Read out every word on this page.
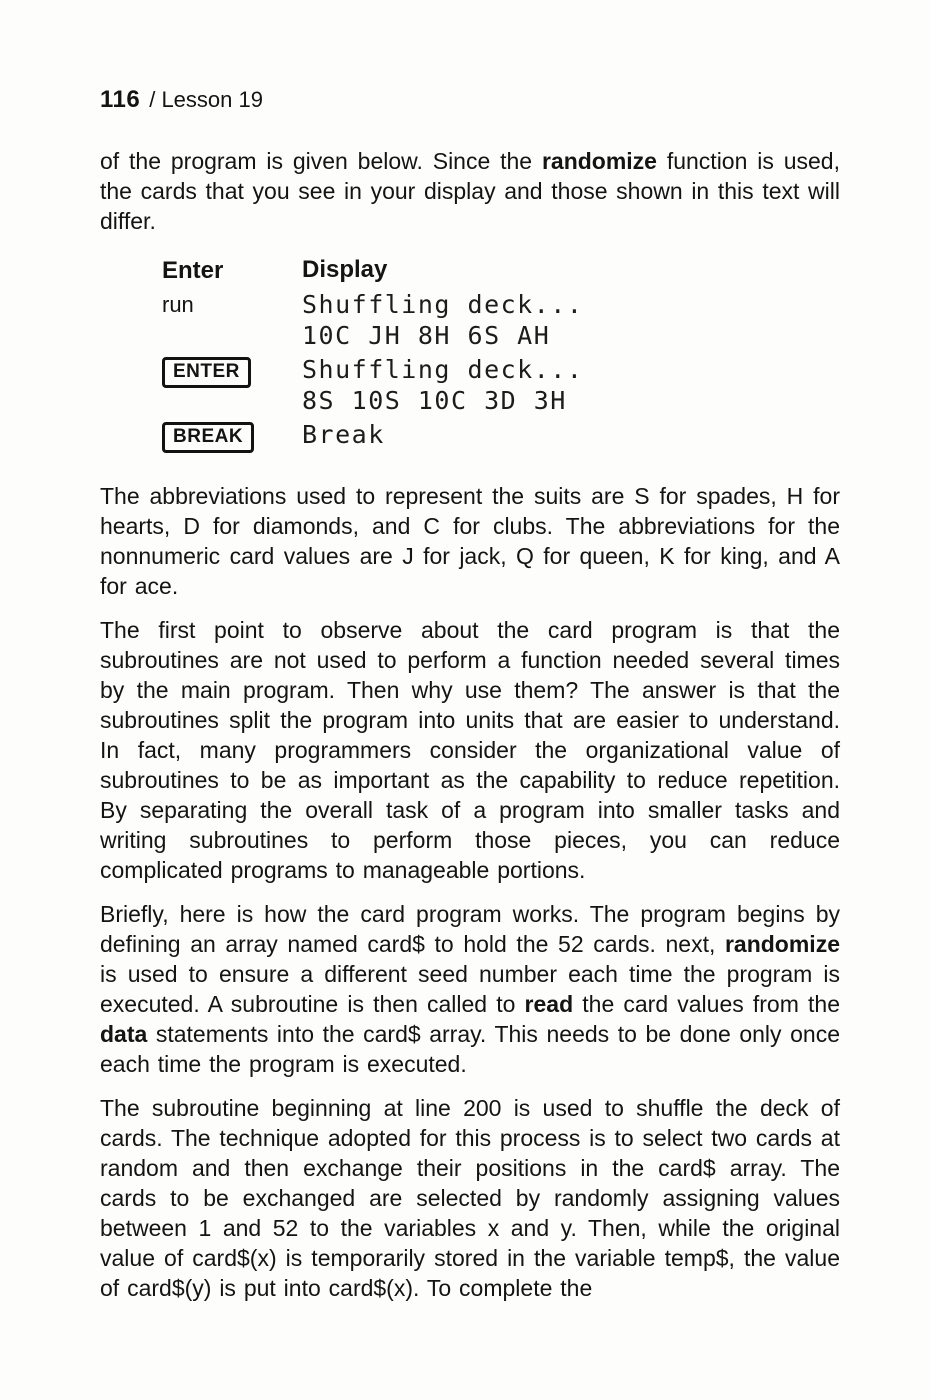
116 / Lesson 19

of the program is given below. Since the randomize function is used, the cards that you see in your display and those shown in this text will differ.

Enter	Display
run	Shuffling deck...
10C JH 8H 6S AH
ENTER	Shuffling deck...
8S 10S 10C 3D 3H
BREAK	Break

The abbreviations used to represent the suits are S for spades, H for hearts, D for diamonds, and C for clubs. The abbreviations for the nonnumeric card values are J for jack, Q for queen, K for king, and A for ace.

The first point to observe about the card program is that the subroutines are not used to perform a function needed several times by the main program. Then why use them? The answer is that the subroutines split the program into units that are easier to understand. In fact, many programmers consider the organizational value of subroutines to be as important as the capability to reduce repetition. By separating the overall task of a program into smaller tasks and writing subroutines to perform those pieces, you can reduce complicated programs to manageable portions.

Briefly, here is how the card program works. The program begins by defining an array named card$ to hold the 52 cards. next, randomize is used to ensure a different seed number each time the program is executed. A subroutine is then called to read the card values from the data statements into the card$ array. This needs to be done only once each time the program is executed.

The subroutine beginning at line 200 is used to shuffle the deck of cards. The technique adopted for this process is to select two cards at random and then exchange their positions in the card$ array. The cards to be exchanged are selected by randomly assigning values between 1 and 52 to the variables x and y. Then, while the original value of card$(x) is temporarily stored in the variable temp$, the value of card$(y) is put into card$(x). To complete the
